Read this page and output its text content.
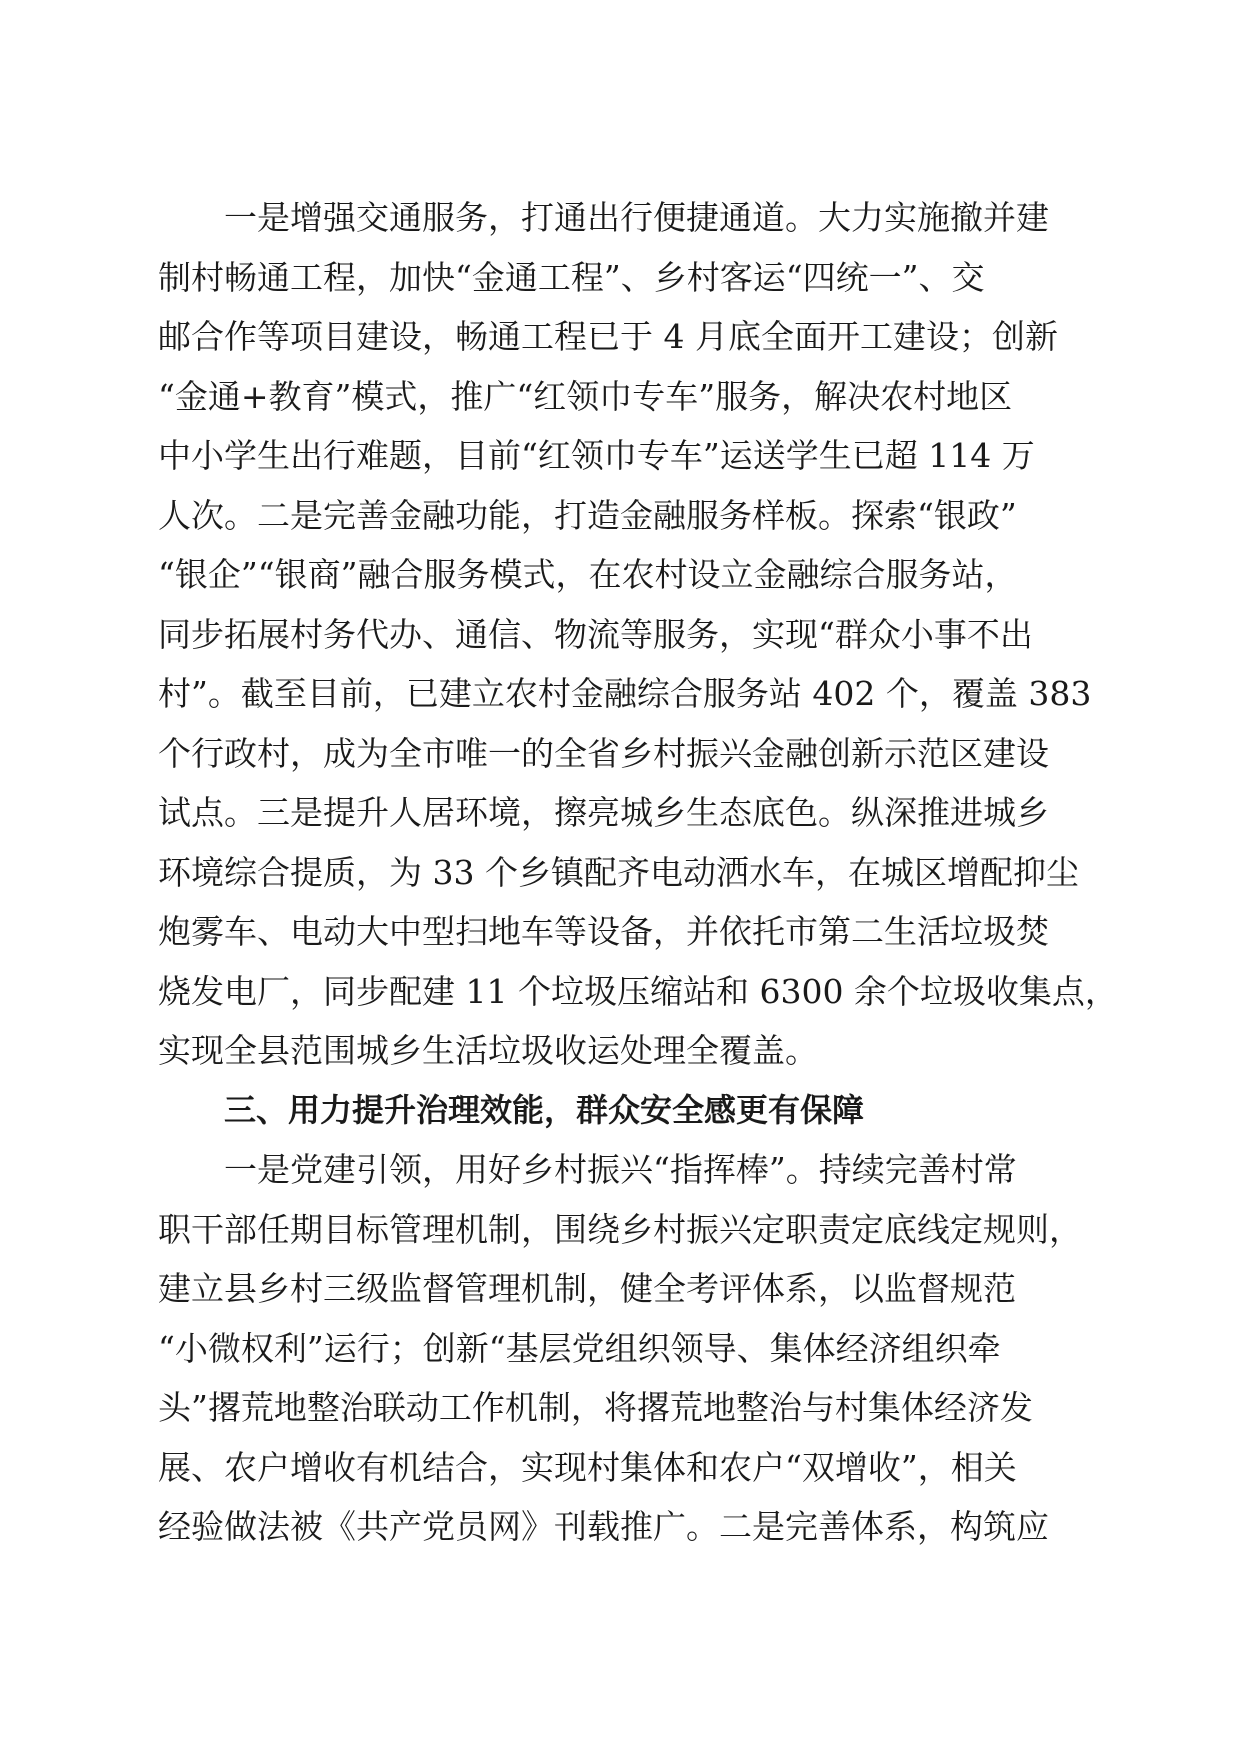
一是增强交通服务，打通出行便捷通道。大力实施撤并建
制村畅通工程，加快“金通工程”、乡村客运“四统一”、交
邮合作等项目建设，畅通工程已于 4 月底全面开工建设；创新
“金通+教育”模式，推广“红领巾专车”服务，解决农村地区
中小学生出行难题，目前“红领巾专车”运送学生已超 114 万
人次。二是完善金融功能，打造金融服务样板。探索“银政”
“银企”“银商”融合服务模式，在农村设立金融综合服务站，
同步拓展村务代办、通信、物流等服务，实现“群众小事不出
村”。截至目前，已建立农村金融综合服务站 402 个，覆盖 383
个行政村，成为全市唯一的全省乡村振兴金融创新示范区建设
试点。三是提升人居环境，擦亮城乡生态底色。纵深推进城乡
环境综合提质，为 33 个乡镇配齐电动洒水车，在城区增配抑尘
炮雾车、电动大中型扫地车等设备，并依托市第二生活垃圾焚
烧发电厂，同步配建 11 个垃圾压缩站和 6300 余个垃圾收集点，
实现全县范围城乡生活垃圾收运处理全覆盖。
三、用力提升治理效能，群众安全感更有保障
一是党建引领，用好乡村振兴“指挥棒”。持续完善村常
职干部任期目标管理机制，围绕乡村振兴定职责定底线定规则，
建立县乡村三级监督管理机制，健全考评体系，以监督规范
“小微权利”运行；创新“基层党组织领导、集体经济组织牵
头”撂荒地整治联动工作机制，将撂荒地整治与村集体经济发
展、农户增收有机结合，实现村集体和农户“双增收”，相关
经验做法被《共产党员网》刊载推广。二是完善体系，构筑应
